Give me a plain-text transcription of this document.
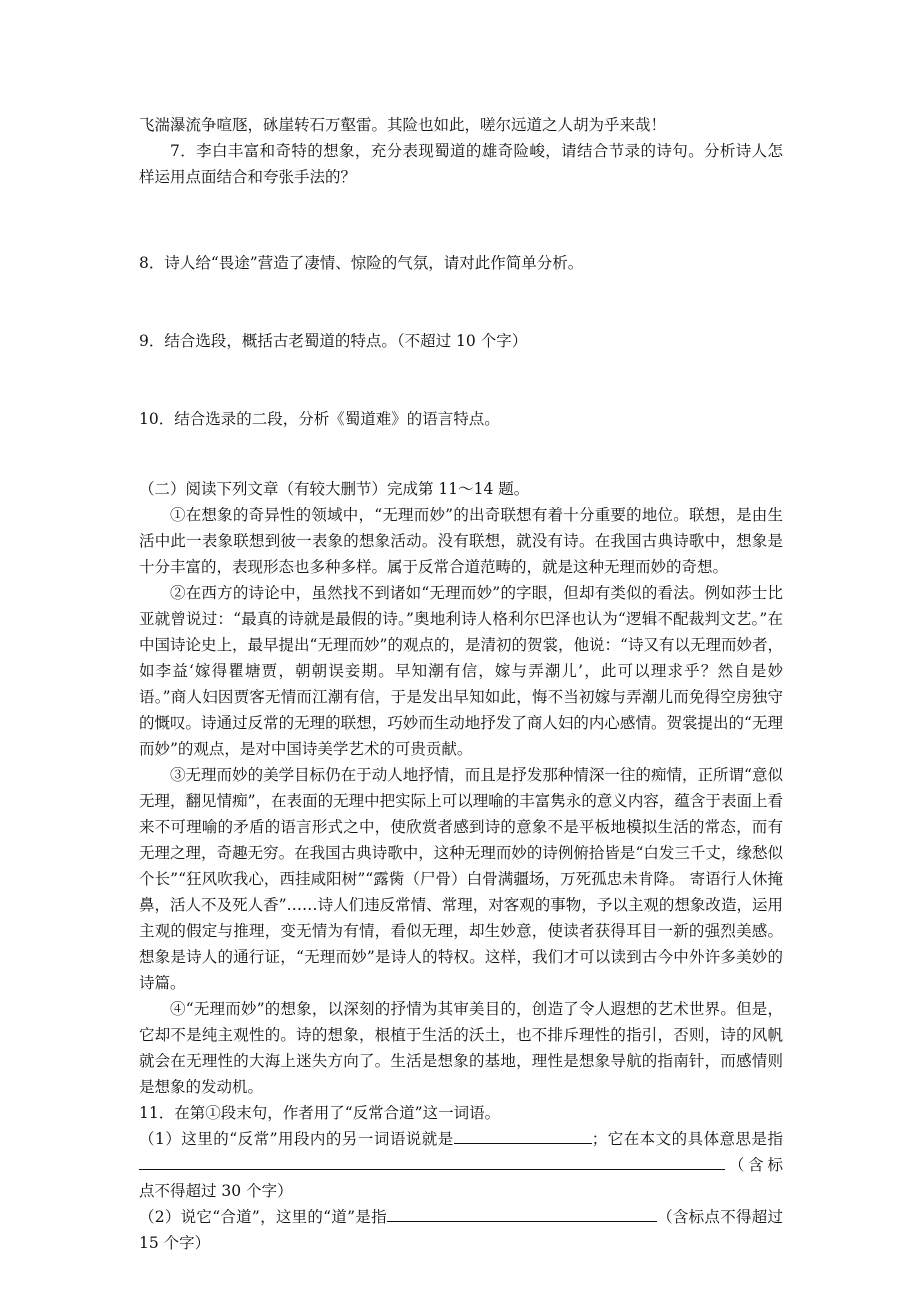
飞湍瀑流争喧豗，砯崖转石万壑雷。其险也如此，嗟尔远道之人胡为乎来哉！

7．李白丰富和奇特的想象，充分表现蜀道的雄奇险峻，请结合节录的诗句。分析诗人怎样运用点面结合和夸张手法的？

8．诗人给“畏途”营造了凄情、惊险的气氛，请对此作简单分析。

9．结合选段，概括古老蜀道的特点。（不超过 10 个字）

10．结合选录的二段，分析《蜀道难》的语言特点。

（二）阅读下列文章（有较大删节）完成第 11～14 题。

①在想象的奇异性的领域中，“无理而妙”的出奇联想有着十分重要的地位。联想，是由生活中此一表象联想到彼一表象的想象活动。没有联想，就没有诗。在我国古典诗歌中，想象是十分丰富的，表现形态也多种多样。属于反常合道范畴的，就是这种无理而妙的奇想。

②在西方的诗论中，虽然找不到诸如“无理而妙”的字眼，但却有类似的看法。例如莎士比亚就曾说过：“最真的诗就是最假的诗。”奥地利诗人格利尔巴泽也认为“逻辑不配裁判文艺。”在中国诗论史上，最早提出“无理而妙”的观点的，是清初的贺裳，他说：“诗又有以无理而妙者，如李益‘嫁得瞿塘贾，朝朝误妾期。早知潮有信，嫁与弄潮儿’，此可以理求乎？然自是妙语。”商人妇因贾客无情而江潮有信，于是发出早知如此，悔不当初嫁与弄潮儿而免得空房独守的慨叹。诗通过反常的无理的联想，巧妙而生动地抒发了商人妇的内心感情。贺裳提出的“无理而妙”的观点，是对中国诗美学艺术的可贵贡献。

③无理而妙的美学目标仍在于动人地抒情，而且是抒发那种情深一往的痴情，正所谓“意似无理，翻见情痴”，在表面的无理中把实际上可以理喻的丰富隽永的意义内容，蕴含于表面上看来不可理喻的矛盾的语言形式之中，使欣赏者感到诗的意象不是平板地模拟生活的常态，而有无理之理，奇趣无穷。在我国古典诗歌中，这种无理而妙的诗例俯拾皆是“白发三千丈，缘愁似个长”“狂风吹我心，西挂咸阳树”“露胔（尸骨）白骨满疆场，万死孤忠未肯降。 寄语行人休掩鼻，活人不及死人香”……诗人们违反常情、常理，对客观的事物，予以主观的想象改造，运用主观的假定与推理，变无情为有情，看似无理，却生妙意，使读者获得耳目一新的强烈美感。想象是诗人的通行证，“无理而妙”是诗人的特权。这样，我们才可以读到古今中外许多美妙的诗篇。

④“无理而妙”的想象，以深刻的抒情为其审美目的，创造了令人遐想的艺术世界。但是，它却不是纯主观性的。诗的想象，根植于生活的沃土，也不排斥理性的指引，否则，诗的风帆就会在无理性的大海上迷失方向了。生活是想象的基地，理性是想象导航的指南针，而感情则是想象的发动机。

11．在第①段末句，作者用了“反常合道”这一词语。

（1）这里的“反常”用段内的另一词语说就是	；它在本文的具体意思是指（含标点不得超过 30 个字）

（2）说它“合道”，这里的“道”是指	（含标点不得超过 15 个字）
